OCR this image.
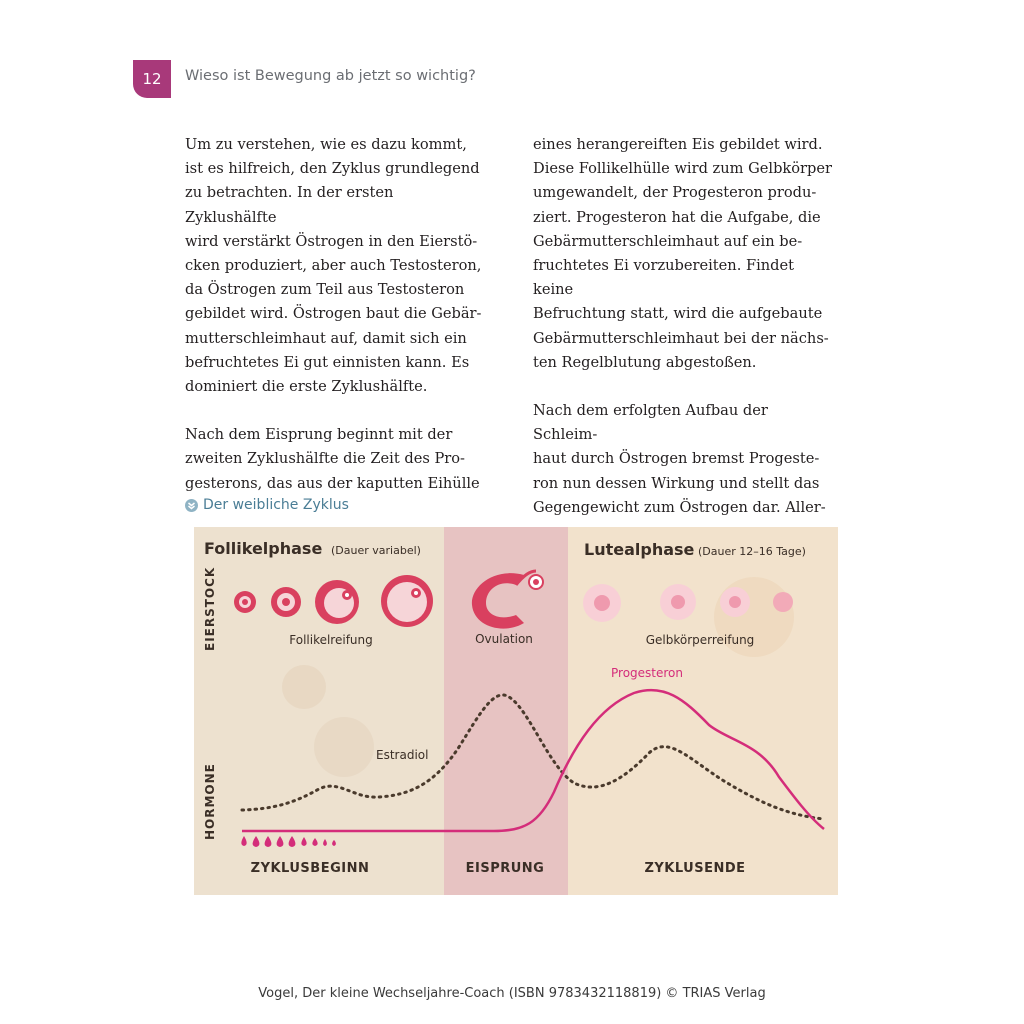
12	Wieso ist Bewegung ab jetzt so wichtig?

Um zu verstehen, wie es dazu kommt,
ist es hilfreich, den Zyklus grundlegend
zu betrachten. In der ersten Zyklushälfte
wird verstärkt Östrogen in den Eierstö-
cken produziert, aber auch Testosteron,
da Östrogen zum Teil aus Testosteron
gebildet wird. Östrogen baut die Gebär-
mutterschleimhaut auf, damit sich ein
befruchtetes Ei gut einnisten kann. Es
dominiert die erste Zyklushälfte.

Nach dem Eisprung beginnt mit der
zweiten Zyklushälfte die Zeit des Pro-
gesterons, das aus der kaputten Eihülle

eines herangereiften Eis gebildet wird.
Diese Follikelhülle wird zum Gelbkörper
umgewandelt, der Progesteron produ-
ziert. Progesteron hat die Aufgabe, die
Gebärmutterschleimhaut auf ein be-
fruchtetes Ei vorzubereiten. Findet keine
Befruchtung statt, wird die aufgebaute
Gebärmutterschleimhaut bei der nächs-
ten Regelblutung abgestoßen.

Nach dem erfolgten Aufbau der Schleim-
haut durch Östrogen bremst Progeste-
ron nun dessen Wirkung und stellt das
Gegengewicht zum Östrogen dar. Aller-

Der weibliche Zyklus
Follikelphase (Dauer variabel)	Lutealphase (Dauer 12–16 Tage)
EIERSTOCK
HORMONE
Follikelreifung	Ovulation	Gelbkörperreifung
Estradiol
Progesteron
ZYKLUSBEGINN	EISPRUNG	ZYKLUSENDE
Vogel, Der kleine Wechseljahre-Coach (ISBN 9783432118819) © TRIAS Verlag
